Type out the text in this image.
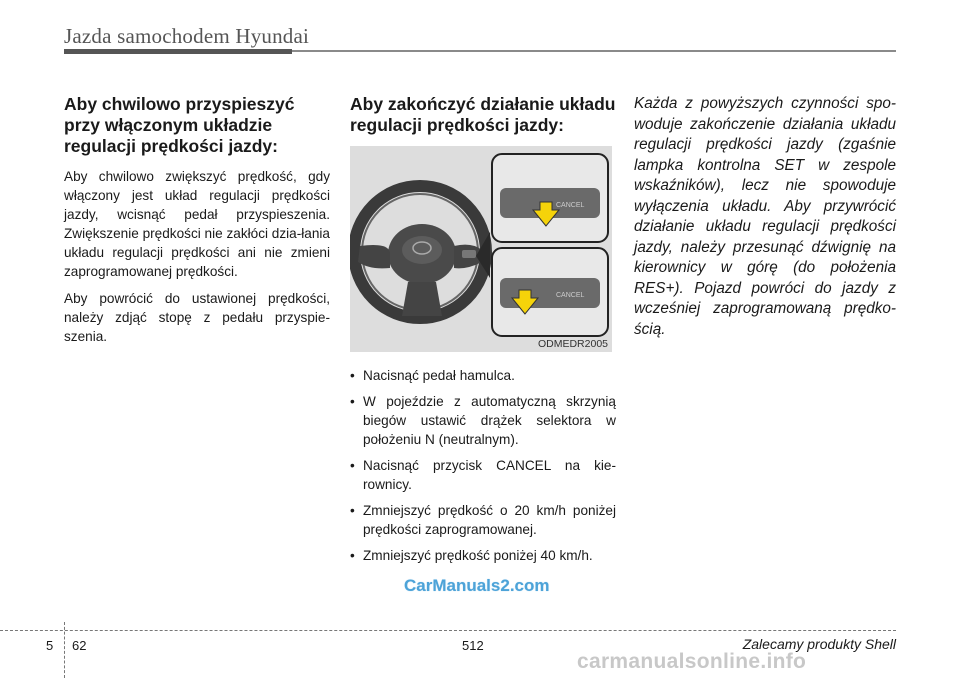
Jazda samochodem Hyundai
Aby chwilowo przyspieszyć przy włączonym układzie regulacji prędkości jazdy:

Aby chwilowo zwiększyć prędkość, gdy włączony jest układ regulacji prędkości jazdy, wcisnąć pedał przyspieszenia. Zwiększenie prędkości nie zakłóci dzia-łania układu regulacji prędkości ani nie zmieni zaprogramowanej prędkości.

Aby powrócić do ustawionej prędkości, należy zdjąć stopę z pedału przyspie-szenia.

Aby zakończyć działanie układu regulacji prędkości jazdy:
CANCEL
CANCEL
ODMEDR2005
• Nacisnąć pedał hamulca.
• W pojeździe z automatyczną skrzynią biegów ustawić drążek selektora w położeniu N (neutralnym).
• Nacisnąć przycisk CANCEL na kie-rownicy.
• Zmniejszyć prędkość o 20 km/h poniżej prędkości zaprogramowanej.
• Zmniejszyć prędkość poniżej 40 km/h.

Każda z powyższych czynności spo-woduje zakończenie działania układu regulacji prędkości jazdy (zgaśnie lampka kontrolna SET w zespole wskaźników), lecz nie spowoduje wyłączenia układu. Aby przywrócić działanie układu regulacji prędkości jazdy, należy przesunąć dźwignię na kierownicy w górę (do położenia RES+). Pojazd powróci do jazdy z wcześniej zaprogramowaną prędko-ścią.

CarManuals2.com
5 62	512	Zalecamy produkty Shell
carmanualsonline.info
